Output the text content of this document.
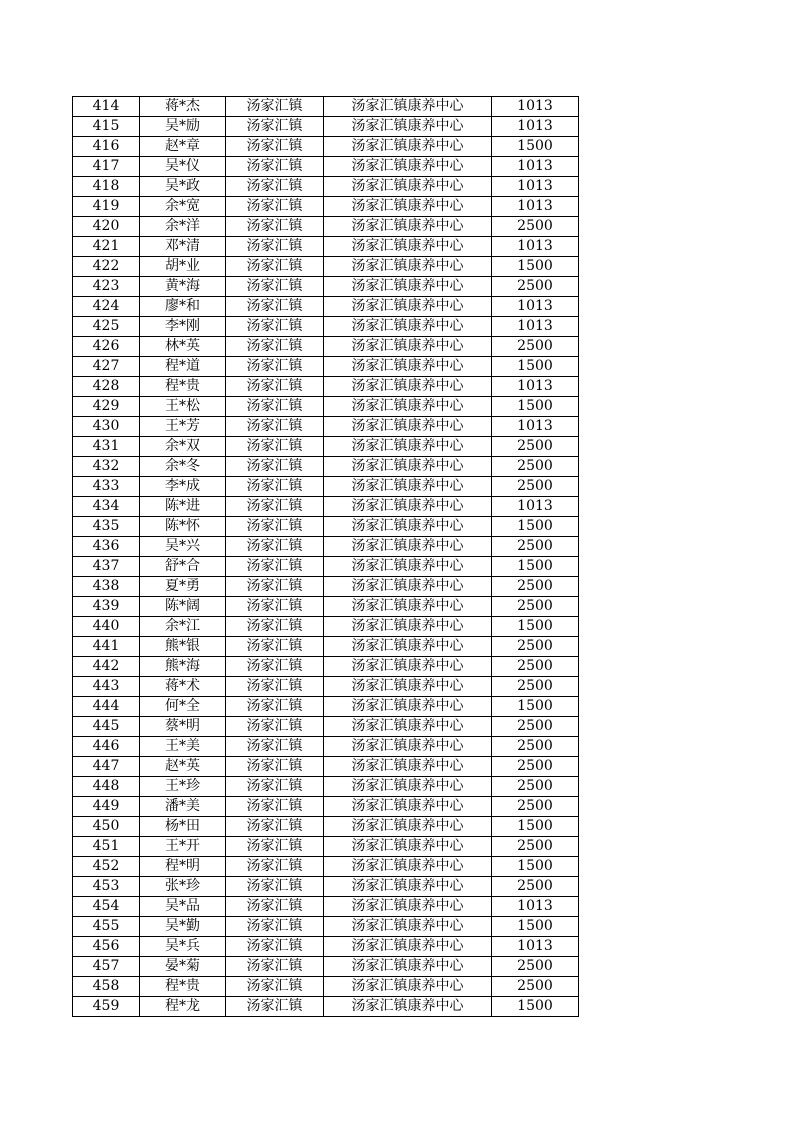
414	蒋*杰	汤家汇镇	汤家汇镇康养中心	1013
415	吴*励	汤家汇镇	汤家汇镇康养中心	1013
416	赵*章	汤家汇镇	汤家汇镇康养中心	1500
417	吴*仪	汤家汇镇	汤家汇镇康养中心	1013
418	吴*政	汤家汇镇	汤家汇镇康养中心	1013
419	余*宽	汤家汇镇	汤家汇镇康养中心	1013
420	余*洋	汤家汇镇	汤家汇镇康养中心	2500
421	邓*清	汤家汇镇	汤家汇镇康养中心	1013
422	胡*业	汤家汇镇	汤家汇镇康养中心	1500
423	黄*海	汤家汇镇	汤家汇镇康养中心	2500
424	廖*和	汤家汇镇	汤家汇镇康养中心	1013
425	李*刚	汤家汇镇	汤家汇镇康养中心	1013
426	林*英	汤家汇镇	汤家汇镇康养中心	2500
427	程*道	汤家汇镇	汤家汇镇康养中心	1500
428	程*贵	汤家汇镇	汤家汇镇康养中心	1013
429	王*松	汤家汇镇	汤家汇镇康养中心	1500
430	王*芳	汤家汇镇	汤家汇镇康养中心	1013
431	余*双	汤家汇镇	汤家汇镇康养中心	2500
432	余*冬	汤家汇镇	汤家汇镇康养中心	2500
433	李*成	汤家汇镇	汤家汇镇康养中心	2500
434	陈*进	汤家汇镇	汤家汇镇康养中心	1013
435	陈*怀	汤家汇镇	汤家汇镇康养中心	1500
436	吴*兴	汤家汇镇	汤家汇镇康养中心	2500
437	舒*合	汤家汇镇	汤家汇镇康养中心	1500
438	夏*勇	汤家汇镇	汤家汇镇康养中心	2500
439	陈*阔	汤家汇镇	汤家汇镇康养中心	2500
440	余*江	汤家汇镇	汤家汇镇康养中心	1500
441	熊*银	汤家汇镇	汤家汇镇康养中心	2500
442	熊*海	汤家汇镇	汤家汇镇康养中心	2500
443	蒋*术	汤家汇镇	汤家汇镇康养中心	2500
444	何*全	汤家汇镇	汤家汇镇康养中心	1500
445	蔡*明	汤家汇镇	汤家汇镇康养中心	2500
446	王*美	汤家汇镇	汤家汇镇康养中心	2500
447	赵*英	汤家汇镇	汤家汇镇康养中心	2500
448	王*珍	汤家汇镇	汤家汇镇康养中心	2500
449	潘*美	汤家汇镇	汤家汇镇康养中心	2500
450	杨*田	汤家汇镇	汤家汇镇康养中心	1500
451	王*开	汤家汇镇	汤家汇镇康养中心	2500
452	程*明	汤家汇镇	汤家汇镇康养中心	1500
453	张*珍	汤家汇镇	汤家汇镇康养中心	2500
454	吴*品	汤家汇镇	汤家汇镇康养中心	1013
455	吴*勤	汤家汇镇	汤家汇镇康养中心	1500
456	吴*兵	汤家汇镇	汤家汇镇康养中心	1013
457	晏*菊	汤家汇镇	汤家汇镇康养中心	2500
458	程*贵	汤家汇镇	汤家汇镇康养中心	2500
459	程*龙	汤家汇镇	汤家汇镇康养中心	1500
